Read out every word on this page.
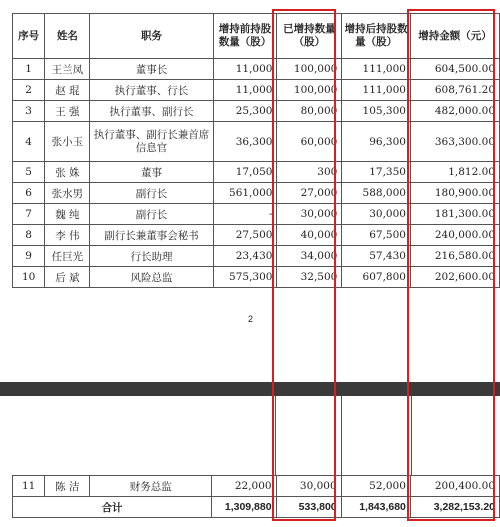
序号	姓名	职务	增持前持股数量（股）	已增持数量（股）	增持后持股数量（股）	增持金额（元）
1	王兰凤	董事长	11,000	100,000	111,000	604,500.00
2	赵 琨	执行董事、行长	11,000	100,000	111,000	608,761.20
3	王 强	执行董事、副行长	25,300	80,000	105,300	482,000.00
4	张小玉	执行董事、副行长兼首席信息官	36,300	60,000	96,300	363,300.00
5	张 姝	董事	17,050	300	17,350	1,812.00
6	张水男	副行长	561,000	27,000	588,000	180,900.00
7	魏 纯	副行长	-	30,000	30,000	181,300.00
8	李 伟	副行长兼董事会秘书	27,500	40,000	67,500	240,000.00
9	任巨光	行长助理	23,430	34,000	57,430	216,580.00
10	后 斌	风险总监	575,300	32,500	607,800	202,600.00
2
11	陈 洁	财务总监	22,000	30,000	52,000	200,400.00
合计			1,309,880	533,800	1,843,680	3,282,153.20
